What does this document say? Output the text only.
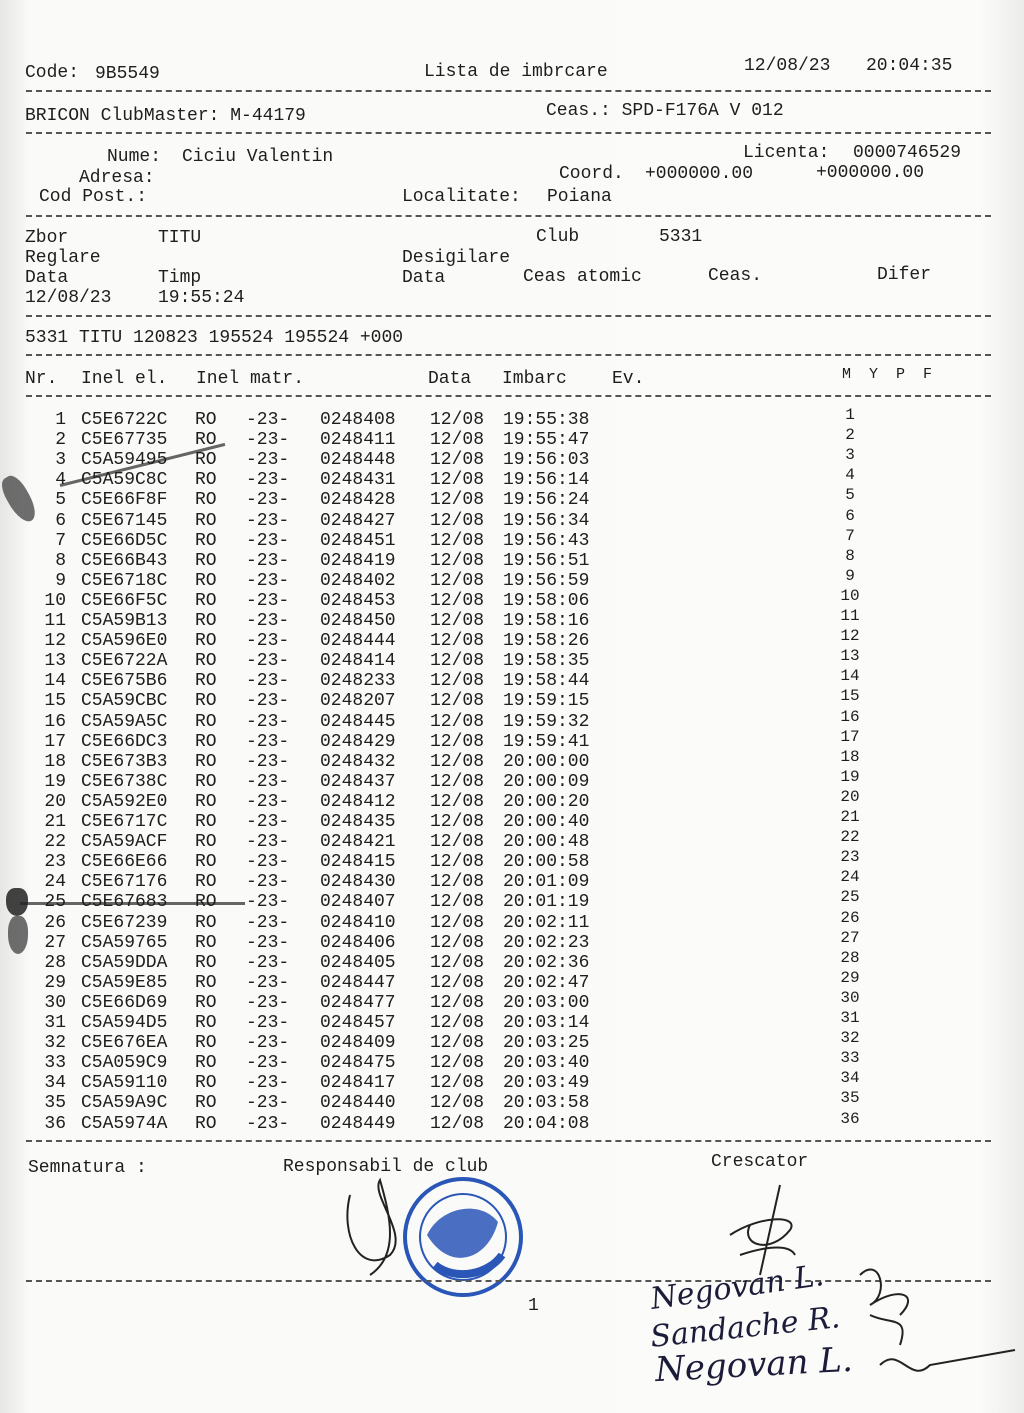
Code: 9B5549	Lista de imbrcare	12/08/23 20:04:35
BRICON ClubMaster: M-44179	Ceas.: SPD-F176A V 012
Nume: Ciciu Valentin	Licenta: 0000746529
Adresa:	Coord. +000000.00	+000000.00
Cod Post.:	Localitate: Poiana
Zbor	TITU	Club	5331
Reglare	Desigilare
Data	Timp	Data	Ceas atomic	Ceas.	Difer
12/08/23	19:55:24
5331 TITU 120823 195524 195524 +000
Nr. Inel el. Inel matr.	Data Imbarc	Ev.	M  Y  P  F
1 C5E6722C RO -23- 0248408 12/08 19:55:38	1
2 C5E67735 RO -23- 0248411 12/08 19:55:47	2
3 C5A59495 RO -23- 0248448 12/08 19:56:03	3
4 C5A59C8C RO -23- 0248431 12/08 19:56:14	4
5 C5E66F8F RO -23- 0248428 12/08 19:56:24	5
6 C5E67145 RO -23- 0248427 12/08 19:56:34	6
7 C5E66D5C RO -23- 0248451 12/08 19:56:43	7
8 C5E66B43 RO -23- 0248419 12/08 19:56:51	8
9 C5E6718C RO -23- 0248402 12/08 19:56:59	9
10 C5E66F5C RO -23- 0248453 12/08 19:58:06	10
11 C5A59B13 RO -23- 0248450 12/08 19:58:16	11
12 C5A596E0 RO -23- 0248444 12/08 19:58:26	12
13 C5E6722A RO -23- 0248414 12/08 19:58:35	13
14 C5E675B6 RO -23- 0248233 12/08 19:58:44	14
15 C5A59CBC RO -23- 0248207 12/08 19:59:15	15
16 C5A59A5C RO -23- 0248445 12/08 19:59:32	16
17 C5E66DC3 RO -23- 0248429 12/08 19:59:41	17
18 C5E673B3 RO -23- 0248432 12/08 20:00:00	18
19 C5E6738C RO -23- 0248437 12/08 20:00:09	19
20 C5A592E0 RO -23- 0248412 12/08 20:00:20	20
21 C5E6717C RO -23- 0248435 12/08 20:00:40	21
22 C5A59ACF RO -23- 0248421 12/08 20:00:48	22
23 C5E66E66 RO -23- 0248415 12/08 20:00:58	23
24 C5E67176 RO -23- 0248430 12/08 20:01:09	24
25 C5E67683 RO -23- 0248407 12/08 20:01:19	25
26 C5E67239 RO -23- 0248410 12/08 20:02:11	26
27 C5A59765 RO -23- 0248406 12/08 20:02:23	27
28 C5A59DDA RO -23- 0248405 12/08 20:02:36	28
29 C5A59E85 RO -23- 0248447 12/08 20:02:47	29
30 C5E66D69 RO -23- 0248477 12/08 20:03:00	30
31 C5A594D5 RO -23- 0248457 12/08 20:03:14	31
32 C5E676EA RO -23- 0248409 12/08 20:03:25	32
33 C5A059C9 RO -23- 0248475 12/08 20:03:40	33
34 C5A59110 RO -23- 0248417 12/08 20:03:49	34
35 C5A59A9C RO -23- 0248440 12/08 20:03:58	35
36 C5A5974A RO -23- 0248449 12/08 20:04:08	36
Semnatura :	Responsabil de club	Crescator
1	Negovan L.
Sandache R.
Negovan L.
